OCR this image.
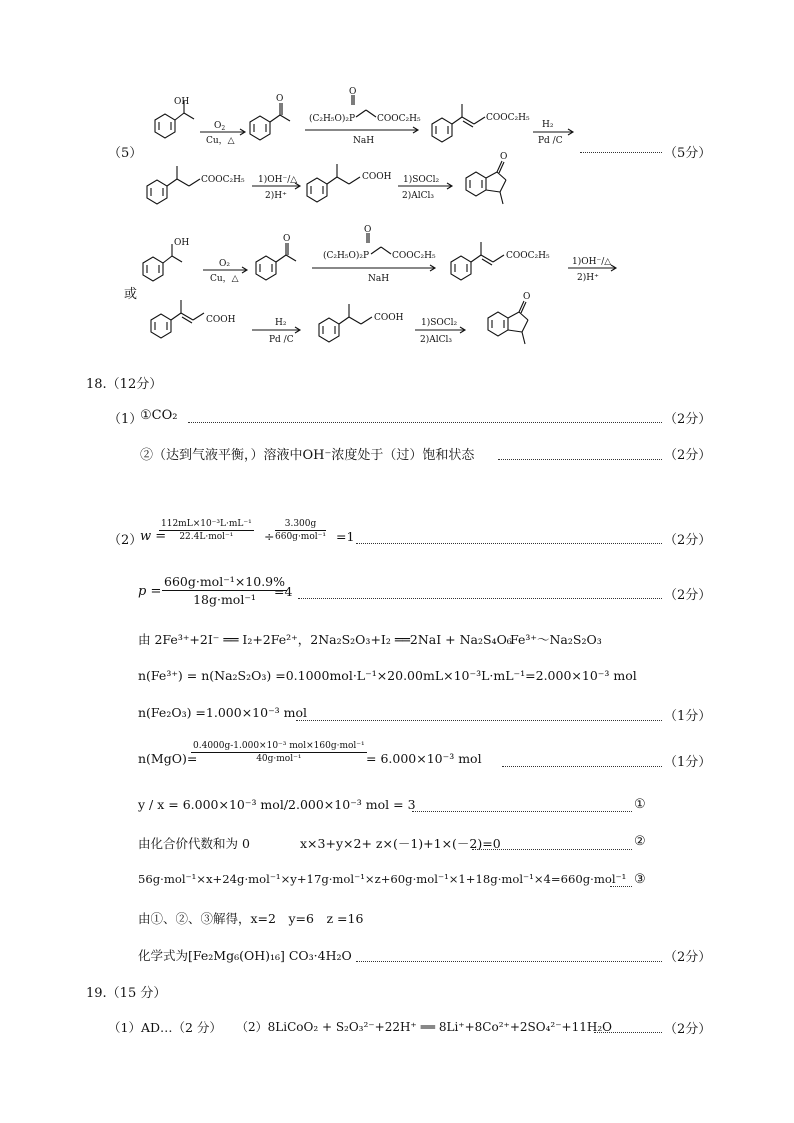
OH
$O_2$
Cu，△
O
O
(C₂H₅O)₂P COOC₂H₅
NaH
COOC₂H₅
H₂
Pd /C
COOC₂H₅ 1)OH⁻/△
2)H⁺
COOH 1)SOCl₂
2)AlCl₃
O
（5）	（5分）
OH
O₂
Cu，△
O
O
(C₂H₅O)₂P	COOC₂H₅
NaH
COOC₂H₅
1)OH⁻/△
2)H⁺
COOH	H₂
Pd /C
COOH 1)SOCl₂
2)AlCl₃
O
或
18.（12分）
（1）
①CO₂	（2分）
②（达到气液平衡，）溶液中OH⁻浓度处于（过）饱和状态	（2分）
（2）
w =
112mL×10⁻³L·mL⁻¹
22.4L·mol⁻¹	÷
3.300g
660g·mol⁻¹ =1	（2分）
p =
660g·mol⁻¹×10.9%
18g·mol⁻¹
=4	（2分）
由 2Fe³⁺+2I⁻ ══ I₂+2Fe²⁺，2Na₂S₂O₃+I₂ ══2NaI + Na₂S₄O₆
Fe³⁺～Na₂S₂O₃
n(Fe³⁺) = n(Na₂S₂O₃) =0.1000mol·L⁻¹×20.00mL×10⁻³L·mL⁻¹=2.000×10⁻³ mol
n(Fe₂O₃) =1.000×10⁻³ mol	（1分）
n(MgO)=
0.4000g-1.000×10⁻³ mol×160g·mol⁻¹
40g·mol⁻¹	= 6.000×10⁻³ mol	（1分）
y / x = 6.000×10⁻³ mol/2.000×10⁻³ mol = 3	①
由化合价代数和为 0	x×3+y×2+ z×(－1)+1×(－2)=0	②
56g·mol⁻¹×x+24g·mol⁻¹×y+17g·mol⁻¹×z+60g·mol⁻¹×1+18g·mol⁻¹×4=660g·mol⁻¹ ③
由①、②、③解得，x=2　y=6　z =16
化学式为[Fe₂Mg₆(OH)₁₆] CO₃·4H₂O	（2分）
19.（15 分）
（1）AD…（2 分） （2）8LiCoO₂ + S₂O₃²⁻+22H⁺ ══ 8Li⁺+8Co²⁺+2SO₄²⁻+11H₂O	（2分）
